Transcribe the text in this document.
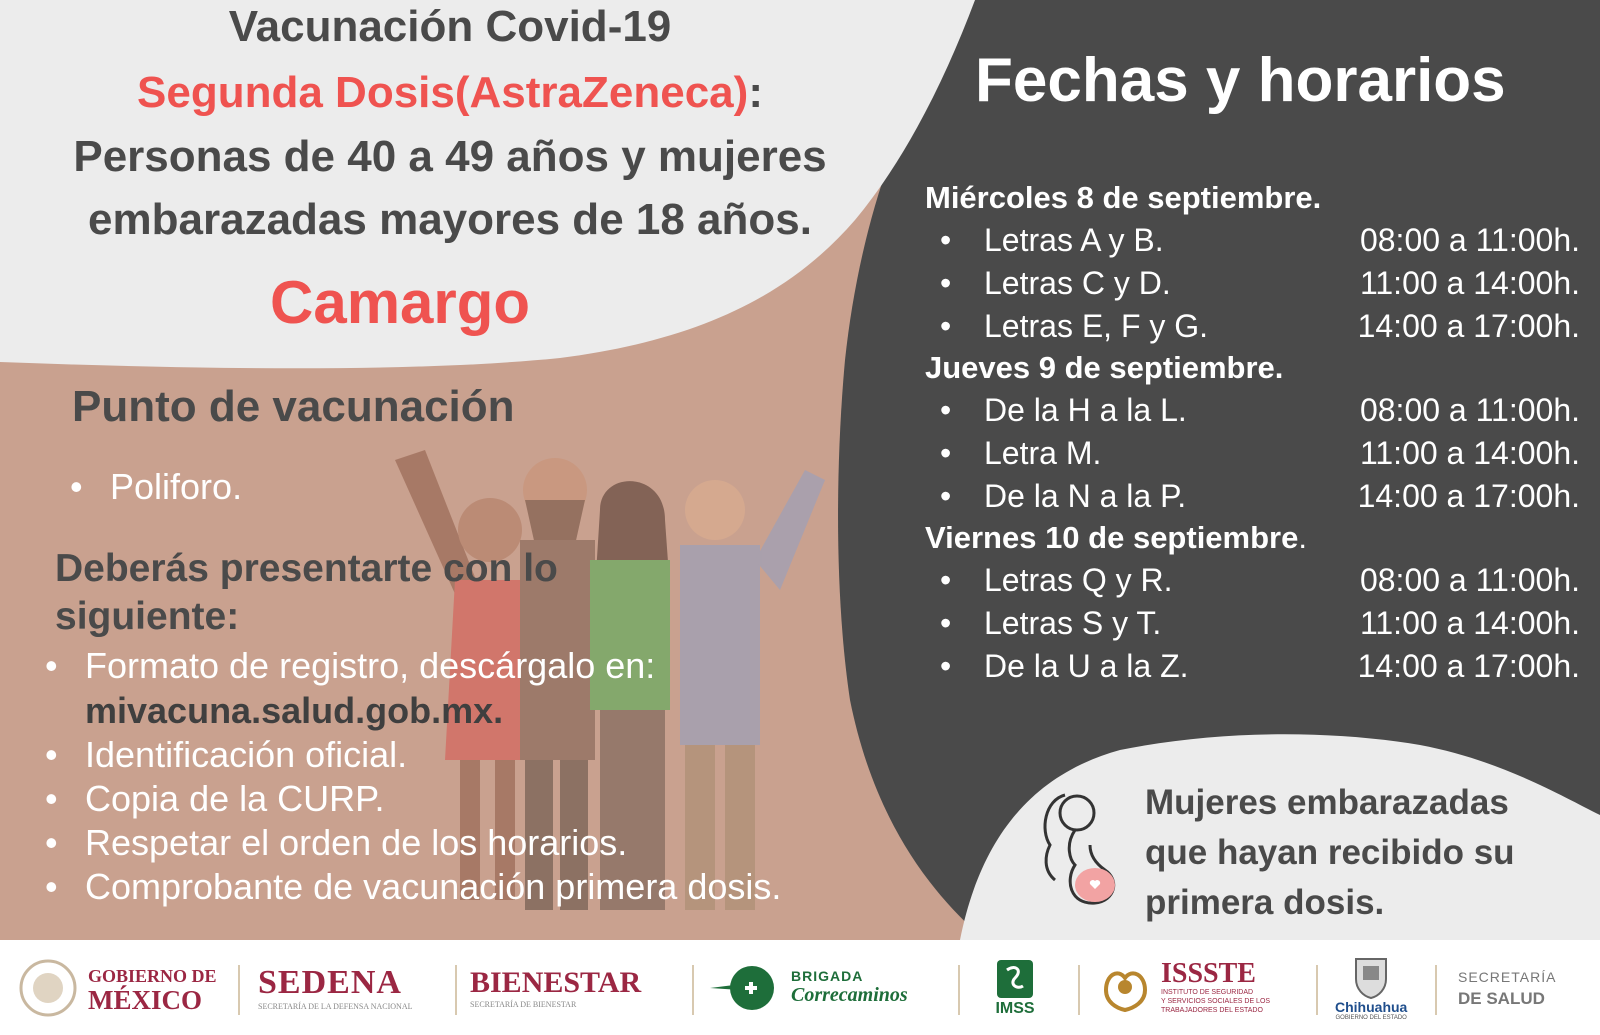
Vacunación Covid-19
Segunda Dosis(AstraZeneca):
Personas de 40 a 49 años y mujeres
embarazadas mayores de 18 años.
Camargo
Punto de vacunación
• Poliforo.
Deberás presentarte con lo
siguiente:
• Formato de registro, descárgalo en:
mivacuna.salud.gob.mx.
• Identificación oficial.
• Copia de la CURP.
• Respetar el orden de los horarios.
• Comprobante de vacunación primera dosis.
Fechas y horarios
Miércoles 8 de septiembre.
• Letras A y B.	08:00 a 11:00h.
• Letras C y D.	11:00 a 14:00h.
• Letras E, F y G.	14:00 a 17:00h.
Jueves 9 de septiembre.
• De la H a la L.	08:00 a 11:00h.
• Letra M.	11:00 a 14:00h.
• De la N a la P.	14:00 a 17:00h.
Viernes 10 de septiembre.
• Letras Q y R.	08:00 a 11:00h.
• Letras S y T.	11:00 a 14:00h.
• De la U a la Z.	14:00 a 17:00h.
Mujeres embarazadas
que hayan recibido su
primera dosis.
GOBIERNO DE
MÉXICO	SEDENA
SECRETARÍA DE LA DEFENSA NACIONAL
BIENESTAR
SECRETARÍA DE BIENESTAR
BRIGADA
Correcaminos
IMSS
ISSSTE
INSTITUTO DE SEGURIDAD
Y SERVICIOS SOCIALES DE LOS
TRABAJADORES DEL ESTADO	Chihuahua
GOBIERNO DEL ESTADO
SECRETARÍA
DE SALUD
